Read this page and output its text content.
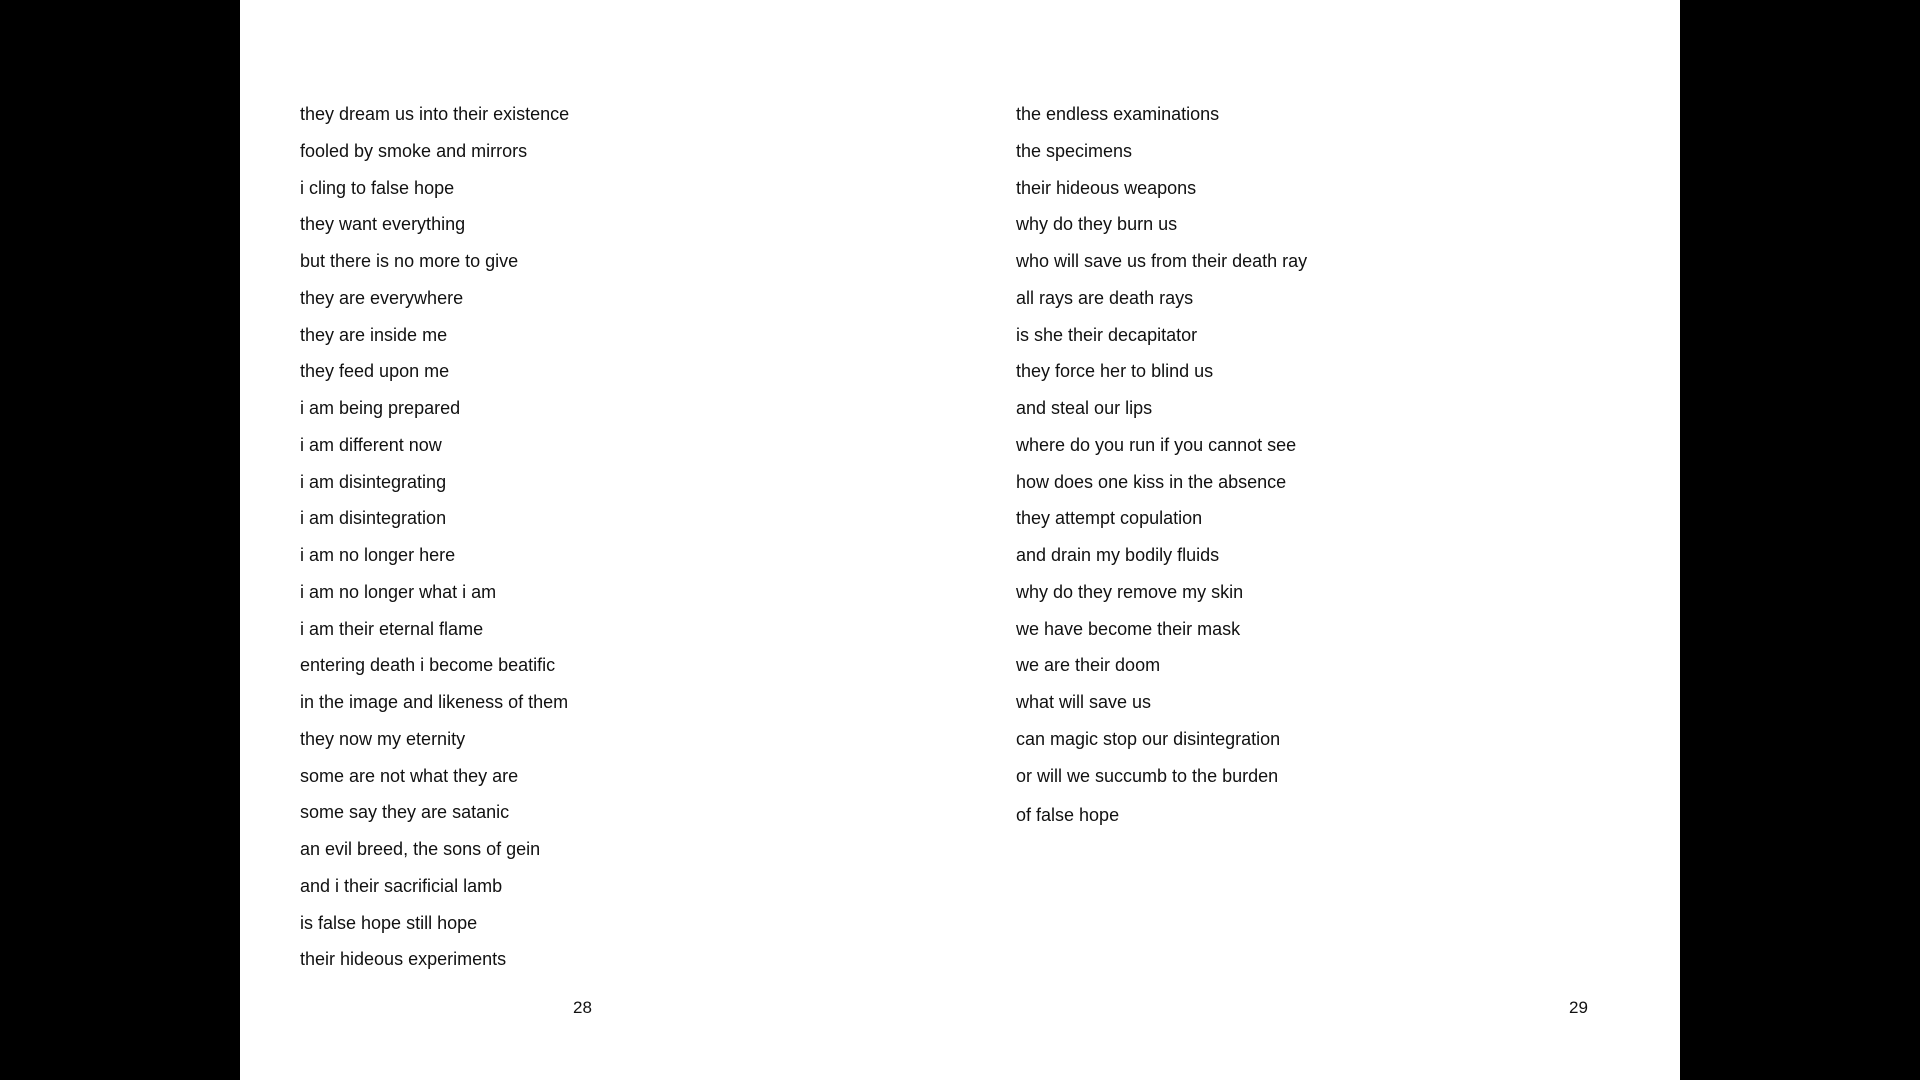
they dream us into their existence
fooled by smoke and mirrors
i cling to false hope
they want everything
but there is no more to give
they are everywhere
they are inside me
they feed upon me
i am being prepared
i am different now
i am disintegrating
i am disintegration
i am no longer here
i am no longer what i am
i am their eternal flame
entering death i become beatific
in the image and likeness of them
they now my eternity
some are not what they are
some say they are satanic
an evil breed, the sons of gein
and i their sacrificial lamb
is false hope still hope
their hideous experiments
28
the endless examinations
the specimens
their hideous weapons
why do they burn us
who will save us from their death ray
all rays are death rays
is she their decapitator
they force her to blind us
and steal our lips
where do you run if you cannot see
how does one kiss in the absence
they attempt copulation
and drain my bodily fluids
why do they remove my skin
we have become their mask
we are their doom
what will save us
can magic stop our disintegration
or will we succumb to the burden
of false hope
29
